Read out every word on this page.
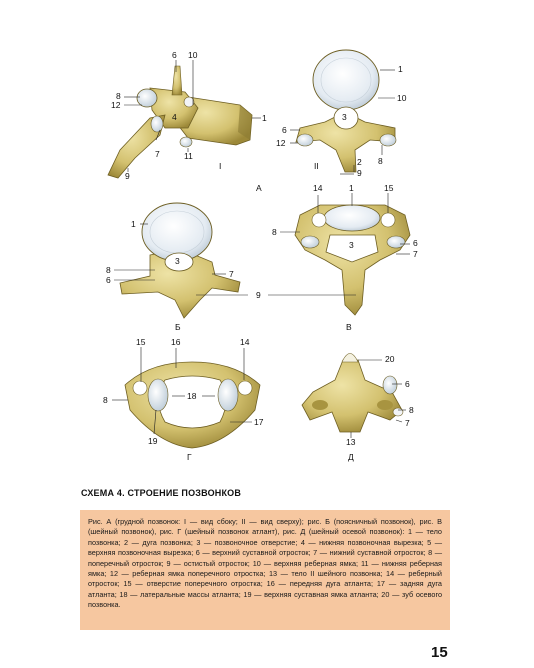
6 10
8
12
4	1
7	11
9
I
1
10
3
6
12
8
2
9
II
А	14	1	15
8
3	6
7
В
1
3
8
6
7
9
Б
15	16	14
8	18
17
19
Г
20
6
8
7
13
Д
СХЕМА 4. СТРОЕНИЕ ПОЗВОНКОВ
Рис. А (грудной позвонок: I — вид сбоку; II — вид сверху); рис. Б (поясничный позвонок), рис. В (шейный позвонок), рис. Г (шейный позвонок атлант), рис. Д (шейный осевой позвонок): 1 — тело позвонка; 2 — дуга позвонка; 3 — позвоночное отверстие; 4 — нижняя позвоночная вырезка; 5 — верхняя позвоночная вырезка; 6 — верхний суставной отросток; 7 — нижний суставной отросток; 8 — поперечный отросток; 9 — остистый отросток; 10 — верхняя реберная ямка; 11 — нижняя реберная ямка; 12 — реберная ямка поперечного отростка; 13 — тело II шейного позвонка; 14 — реберный отросток; 15 — отверстие поперечного отростка; 16 — передняя дуга атланта; 17 — задняя дуга атланта; 18 — латеральные массы атланта; 19 — верхняя суставная ямка атланта; 20 — зуб осевого позвонка.
15
